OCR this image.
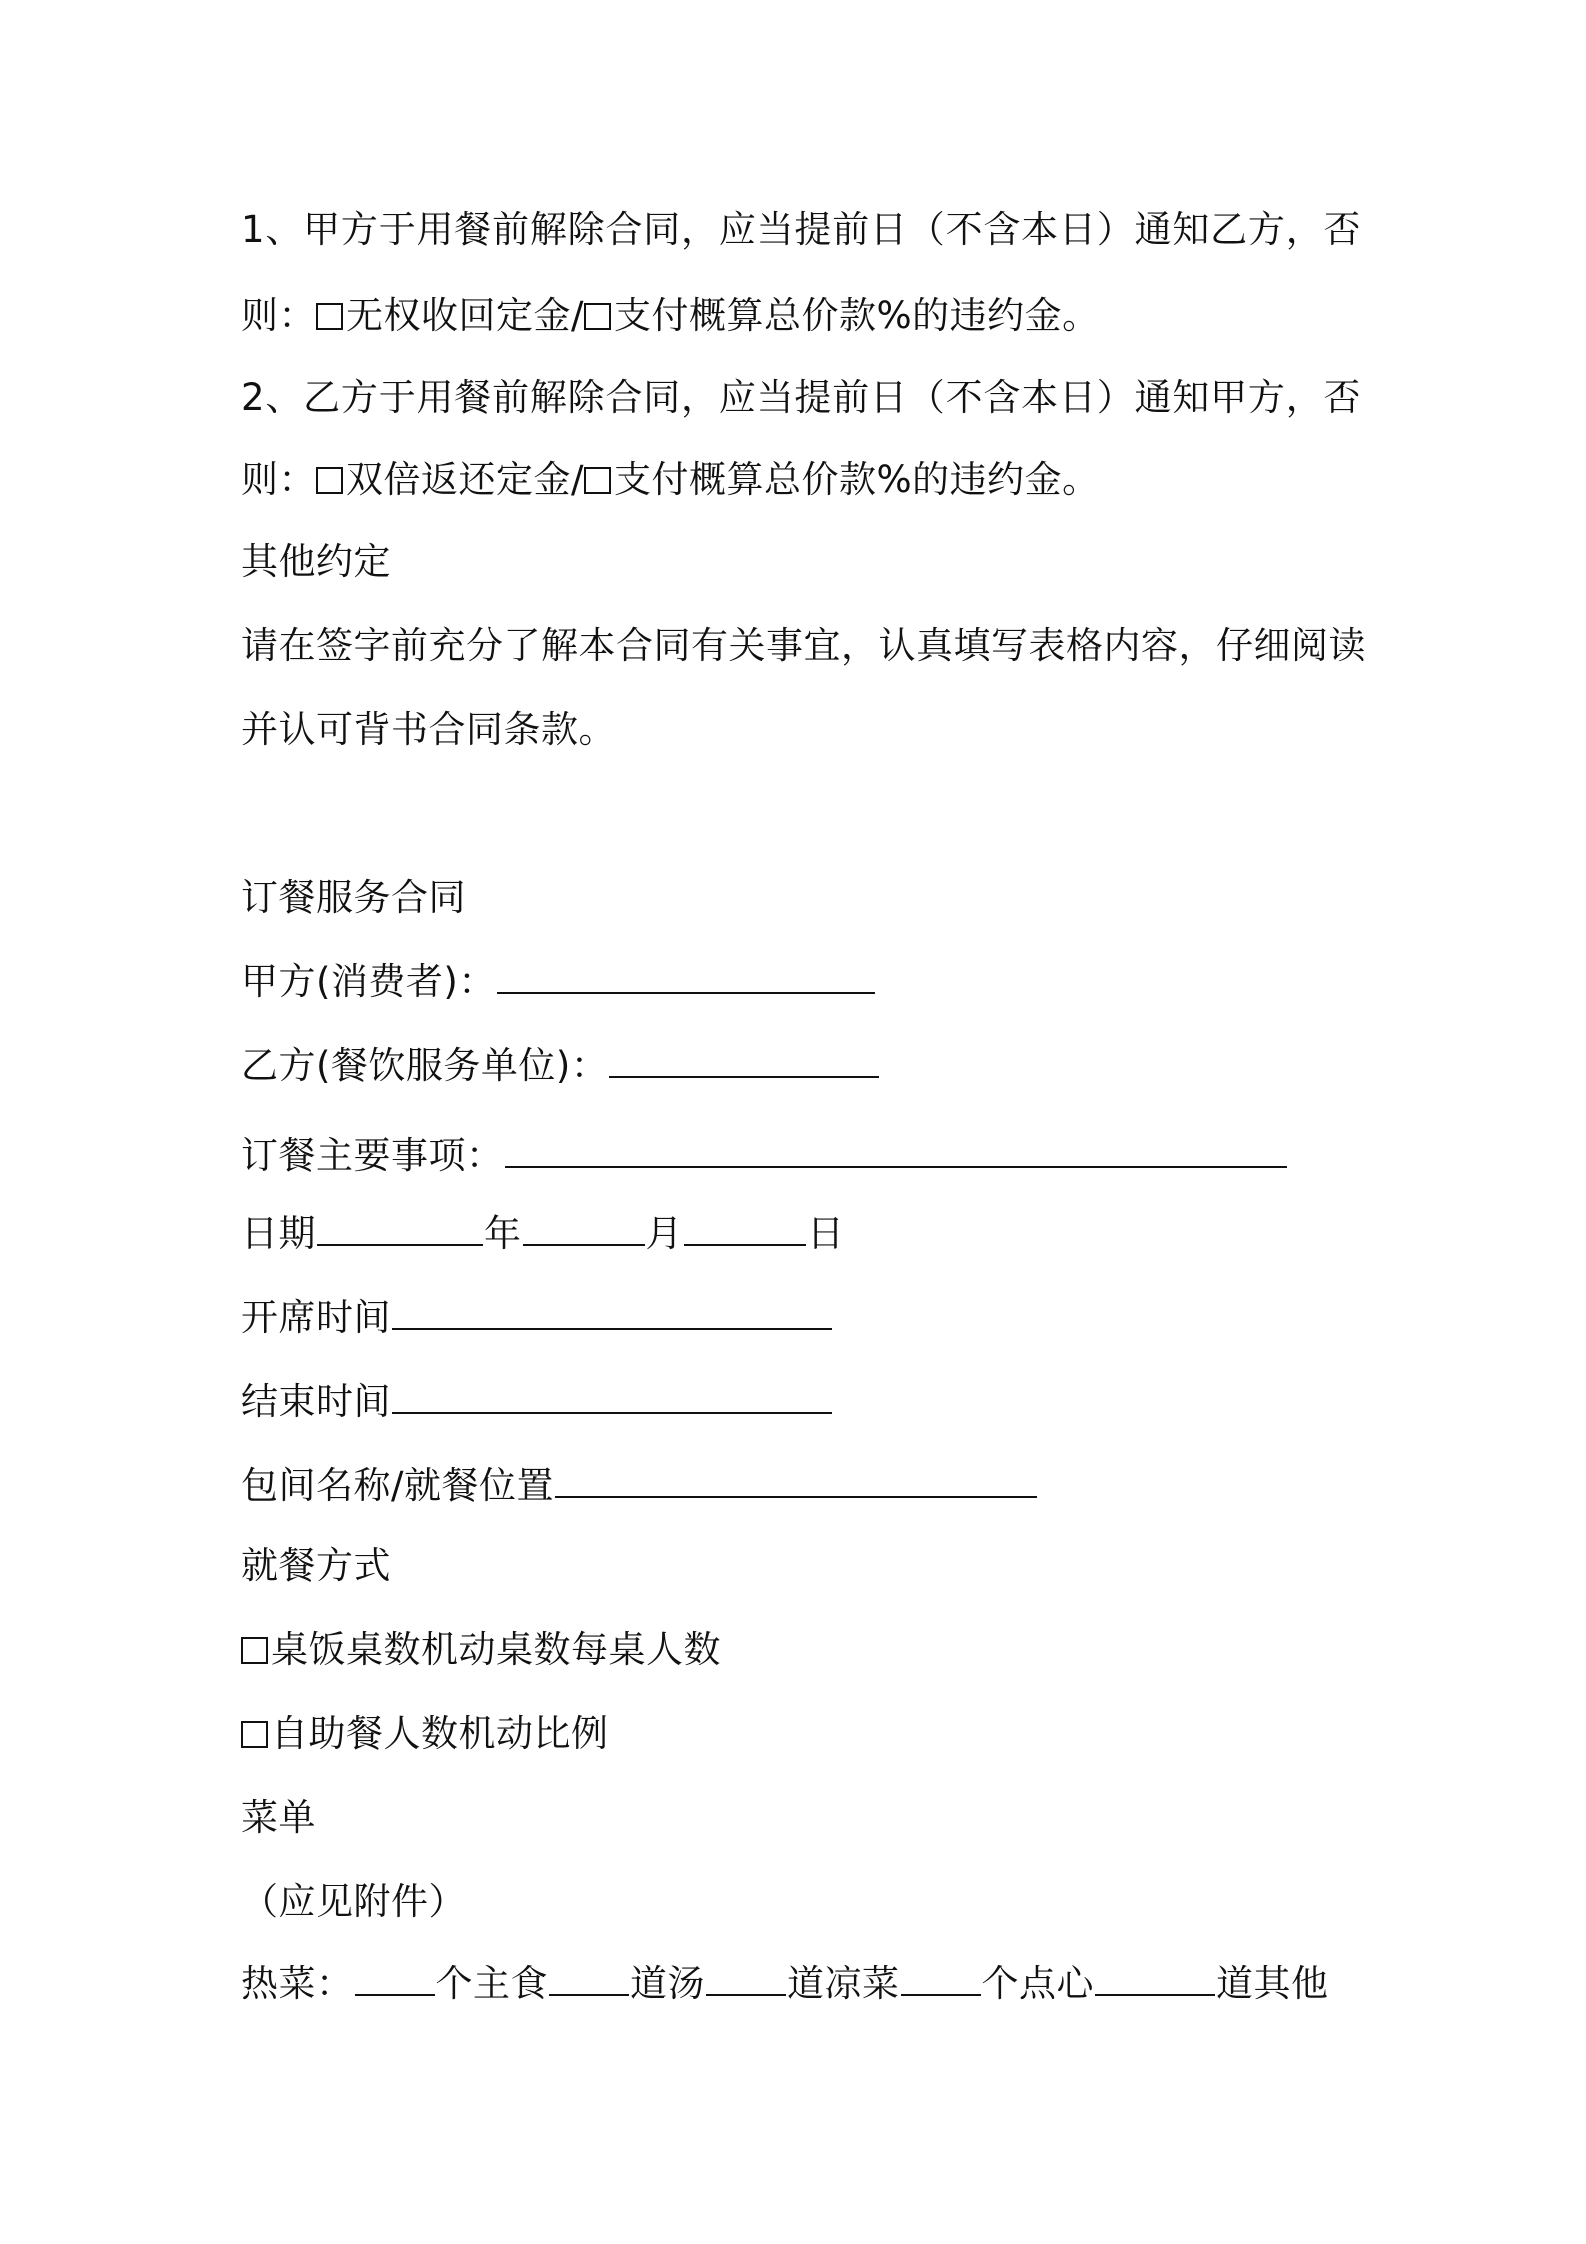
1、甲方于用餐前解除合同，应当提前日（不含本日）通知乙方，否
则： 无权收回定金/ 支付概算总价款%的违约金。
2、乙方于用餐前解除合同，应当提前日（不含本日）通知甲方，否
则： 双倍返还定金/ 支付概算总价款%的违约金。
其他约定
请在签字前充分了解本合同有关事宜，认真填写表格内容，仔细阅读
并认可背书合同条款。
订餐服务合同
甲方(消费者)：
乙方(餐饮服务单位)：
订餐主要事项：
日期	年	月	日
开席时间
结束时间
包间名称/就餐位置
就餐方式
桌饭桌数机动桌数每桌人数
自助餐人数机动比例
菜单
（应见附件）
热菜： 个主食 道汤 道凉菜 个点心	道其他
